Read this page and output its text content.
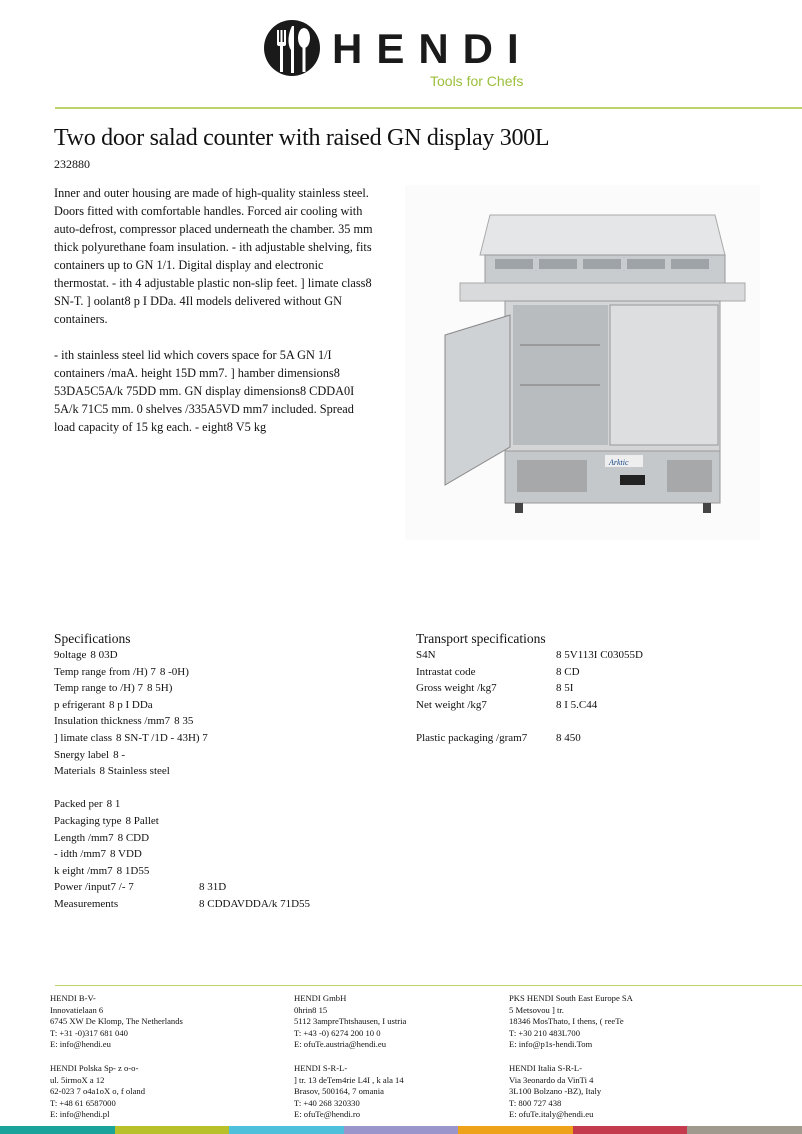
HENDI
Tools for Chefs
Two door salad counter with raised GN display 300L
232880

Inner and outer housing are made of high-quality stainless steel. Doors fitted with comfortable handles. Forced air cooling with auto-defrost, compressor placed underneath the chamber. 35 mm thick polyurethane foam insulation. - ith adjustable shelving, fits containers up to GN 1/1. Digital display and electronic thermostat. - ith 4 adjustable plastic non-slip feet. ] limate class8 SN-T. ] oolant8 p I DDa. 4Il models delivered without GN containers.

- ith stainless steel lid which covers space for 5A GN 1/I containers /maA. height 15D mm7. ] hamber dimensions8 53DA5C5A/k 75DD mm. GN display dimensions8 CDDA0I 5A/k 71C5 mm. 0 shelves /335A5VD mm7 included. Spread load capacity of 15 kg each. - eight8 V5 kg

Arktic
Specifications
9oltage 8 03D
Temp range from /H) 7 8 -0H)
Temp range to /H) 7 8 5H)
p efrigerant 8 p I DDa
Insulation thickness /mm7 8 35
] limate class 8 SN-T /1D - 43H) 7
Snergy label 8 -
Materials 8 Stainless steel
Packed per 8 1
Packaging type 8 Pallet
Length /mm7 8 CDD
- idth /mm7 8 VDD
k eight /mm7 8 1D55
Power /input7 /- 7	8 31D
Measurements	8 CDDAVDDA/k 71D55
Transport specifications
S4N	8 5V113I C03055D
Intrastat code	8 CD
Gross weight /kg7	8 5I
Net weight /kg7	8 I 5.C44
Plastic packaging /gram7	8 450
HENDI B-V-
Innovatielaan 6
6745 XW De Klomp, The Netherlands
T: +31 -0)317 681 040
E: info@hendi.eu
HENDI Polska Sp- z o-o-
ul. 5irmoX a 12
62-023 7 o4a1oX o, f oland
T: +48 61 6587000
E: info@hendi.pl
HENDI GmbH
0hrin8 15
5112 3ampreThtshausen, I ustria
T: +43 -0) 6274 200 10 0
E: ofuTe.austria@hendi.eu
HENDI S-R-L-
] tr. 13 deTem4rie L4I , k ala 14
Brasov, 500164, 7 omania
T: +40 268 320330
E: ofuTe@hendi.ro
PKS HENDI South East Europe SA
5 Metsovou ] tr.
18346 MosThato, I thens, ( reeTe
T: +30 210 483L700
E: info@p1s-hendi.Tom
HENDI Italia S-R-L-
Via 3eonardo da VinTi 4
3L100 Bolzano -BZ), Italy
T: 800 727 438
E: ofuTe.italy@hendi.eu
